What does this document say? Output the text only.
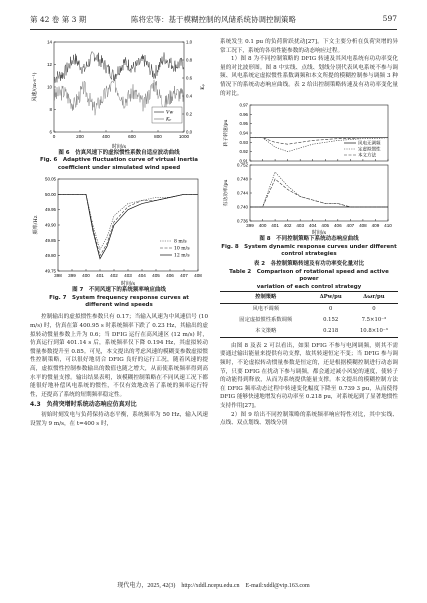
第 42 卷 第 3 期	陈将宏等：基于模糊控制的风储系统协调控制策略	597
0	200	400	600	800	1000
6
8
10
12
14
0.0
0.2
0.4
0.6
0.8
1.0
风速/(m·s⁻¹)	Kₚ
时间/s
Vw
Kₚ
图 6　仿真风速下的虚拟惯性系数自适应波动曲线
Fig. 6　Adaptive fluctuation curve of virtual inertia
coefficient under simulated wind speed
398 399 400 401 402 403 404 405 406 407 408
49.75
49.80
49.85
49.90
49.95
50.00
50.05
频率/Hz
时间/s
8 m/s
10 m/s
12 m/s
图 7　不同风速下的系统频率响应曲线
Fig. 7　System frequency response curves at
different wind speeds

控制输出的虚拟惯性参数只有 0.17；当输入风速为中风速信号 (10 m/s) 时，仿真在第 400.95 s 时系统频率下跌了 0.23 Hz，其输出的虚拟转动惯量参数上升为 0.6；当 DFIG 运行在高风速区 (12 m/s) 时，仿真运行到第 401.14 s 后，系统频率仅下降 0.194 Hz，其虚拟转动惯量参数提升至 0.85。可见，本文提出的考虑风速的模糊变参数虚拟惯性控制策略，可以很好地切合 DFIG 良好的运行工况，随着风速的提高，虚拟惯性控制参数输出的数值也随之增大，从而使系统频率得到高水平的惯量支撑。输出结果表明，该模糊控制策略在不同风速工况下都能很好地补偿风电系统的惯性，不仅有效地改善了系统的频率运行特性，还提高了系统的短期频率稳定性。

4.3　负荷突增时系统动态响应仿真对比

初始时刻发电与负荷保持动态平衡，系统频率为 50 Hz，输入风速设置为 9 m/s，在 t=400 s 时，

系统发生 0.1 pu 的负荷阶跃扰动[27]。下文主要分析在负荷突增的异常工况下，系统的各项性能参数的动态响应过程。

1）图 8 为不同控制策略的 DFIG 转速及其风电系统有功功率变化量的对比波形图。图 8 中实线、点线、划线分别代表风电系统不参与调频、风电系统定虚拟惯性系数调频和本文所提的模糊控制参与调频 3 种情况下的系统动态响应曲线。表 2 给出控制策略转速及有功功率变化量的对比。

0.91
0.92
0.93
0.94
0.95
0.96
0.97
399 400 401 402 403 404 405 406 407 408 409 410
0.736
0.740
0.744
0.748
0.752
转子转速/pu
有功功率/pu
时间/s
风电无调频
定虚拟惯性
本文方法
图 8　不同控制策略下系统动态响应曲线
Fig. 8　System dynamic response curves under different
control strategies
表 2　各控制策略转速及有功功率变化量对比
Table 2　Comparison of rotational speed and active power
variation of each control strategy
控制策略	ΔPw/pu	Δωr/pu
风电不调频	0	0
固定虚拟惯性系数调频	0.152	7.5×10⁻³
本文策略	0.218	10.8×10⁻³

由图 8 及表 2 可以看出，如果 DFIG 不参与电网调频，则其不需要通过输出能量来提供有功支撑，故其转速恒定不变；当 DFIG 参与调频时，不论虚拟转动惯量参数是恒定的，还是根据模糊控制进行动态调节，只要 DFIG 在扰动下参与调频，都会通过减小风轮的速度，使转子的动能得到释放，从而为系统提供能量支撑。本文提出的模糊控制方法在 DFIG 频率动态过程中转速变化幅度下降至 0.739 3 pu，从而使得 DFIG 能够快速地增发有功功率至 0.218 pu，对系统起到了显著地惯性支持作用[27]。

2）图 9 给出不同控制策略的系统频率响应特性对比，其中实线、点线、双点划线、划线分别

现代电力，2025, 42(3)　http://xddl.ncepu.edu.cn　E-mail:xddl@vip.163.com
